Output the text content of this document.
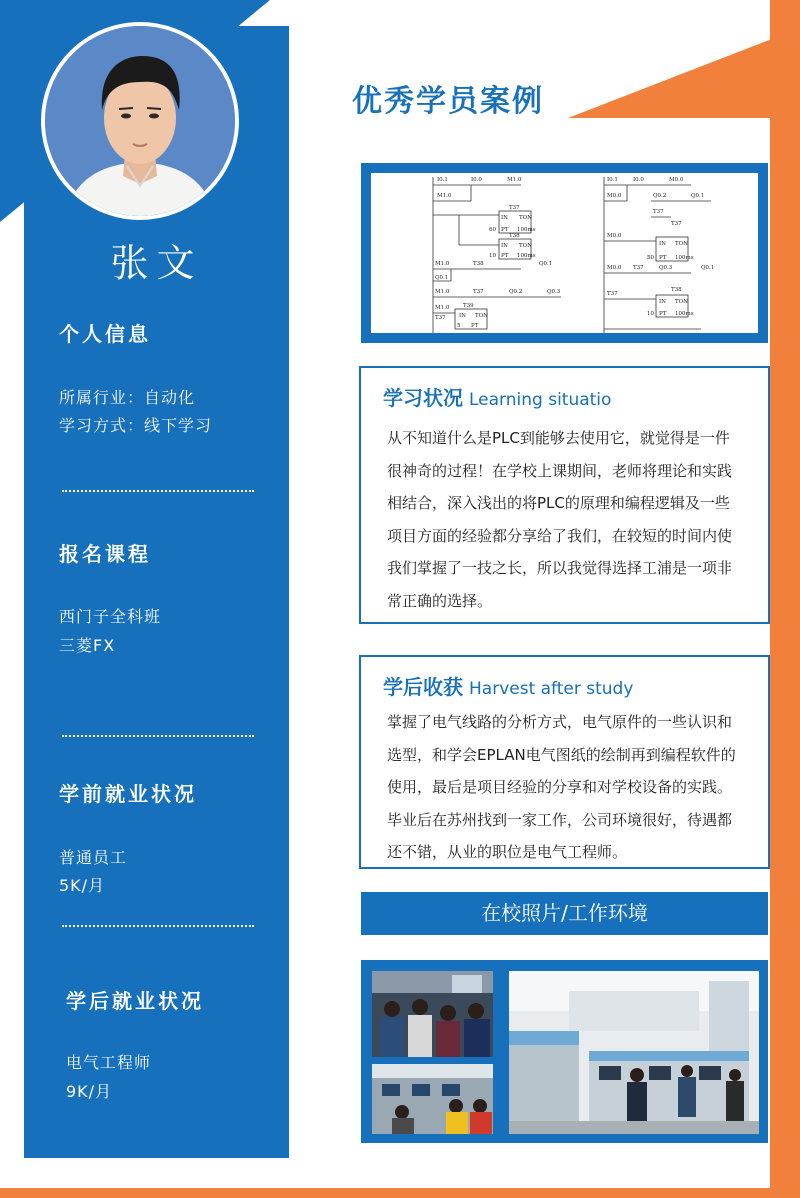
张文
个人信息
所属行业：自动化
学习方式：线下学习
报名课程
西门子全科班
三菱FX
学前就业状况
普通员工
5K/月
学后就业状况
电气工程师
9K/月
优秀学员案例
I0.1	I0.0	M1.0
M1.0
T37
IN TON
60 PT 100ms
T38
IN TON
10 PT 100ms
M1.0	T38	Q0.1
Q0.1
M1.0	T37	Q0.2	Q0.3
M1.0
T37
T39
IN TON
5 PT
I0.1	I0.0	M0.0
M0.0	Q0.2	Q0.1
T37
T37
M0.0
IN TON
50 PT 100ms
M0.0 T37	Q0.3	Q0.1
T37
T38
IN TON
10 PT 100ms
学习状况 Learning situatio
从不知道什么是PLC到能够去使用它，就觉得是一件
很神奇的过程！在学校上课期间，老师将理论和实践
相结合，深入浅出的将PLC的原理和编程逻辑及一些
项目方面的经验都分享给了我们，在较短的时间内使
我们掌握了一技之长，所以我觉得选择工浦是一项非
常正确的选择。
学后收获 Harvest after study
掌握了电气线路的分析方式，电气原件的一些认识和
选型，和学会EPLAN电气图纸的绘制再到编程软件的
使用，最后是项目经验的分享和对学校设备的实践。
毕业后在苏州找到一家工作，公司环境很好，待遇都
还不错，从业的职位是电气工程师。
在校照片/工作环境
